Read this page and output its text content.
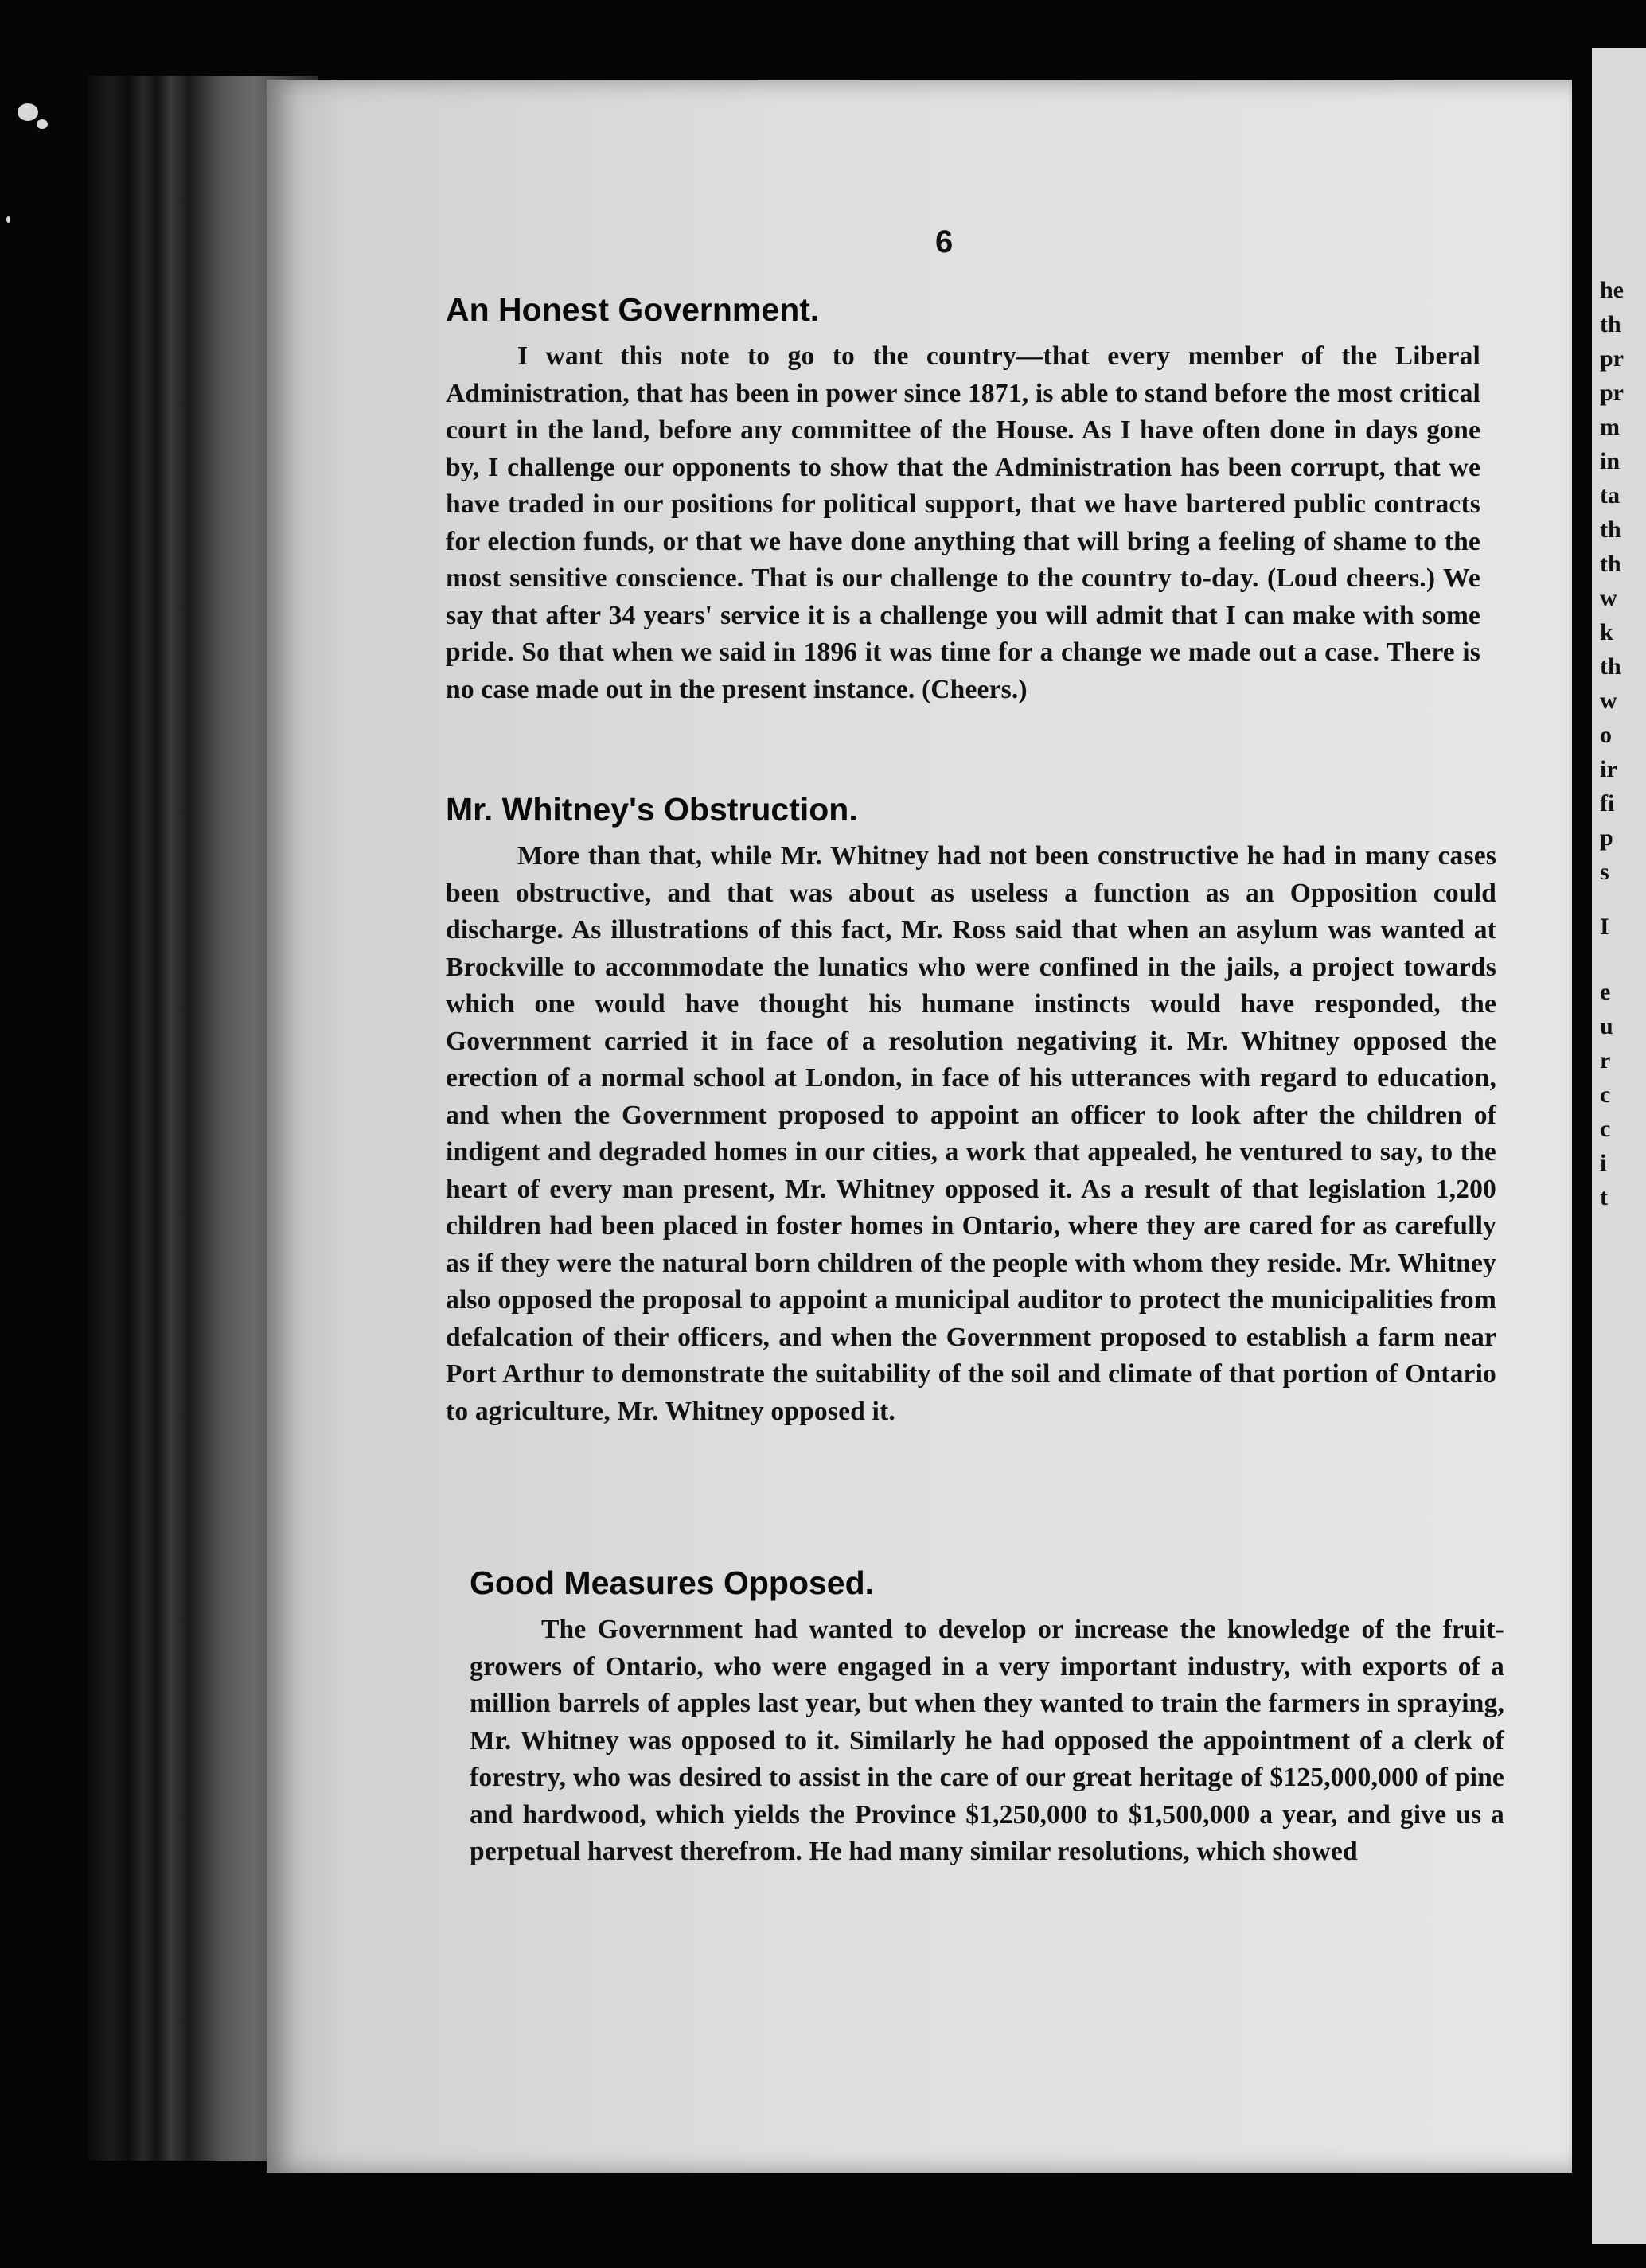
he
th
pr
pr
m
in
ta
th
th
w
k
th
w
o
ir
fi
p
s
I
e
u
r
c
c
i
t
6
An Honest Government.

I want this note to go to the country—that every member of the Liberal Administration, that has been in power since 1871, is able to stand before the most critical court in the land, before any committee of the House. As I have often done in days gone by, I challenge our opponents to show that the Administration has been corrupt, that we have traded in our positions for political support, that we have bartered public contracts for election funds, or that we have done anything that will bring a feeling of shame to the most sensitive conscience. That is our challenge to the country to-day. (Loud cheers.) We say that after 34 years' service it is a challenge you will admit that I can make with some pride. So that when we said in 1896 it was time for a change we made out a case. There is no case made out in the present instance. (Cheers.)

Mr. Whitney's Obstruction.

More than that, while Mr. Whitney had not been constructive he had in many cases been obstructive, and that was about as useless a function as an Opposition could discharge. As illustrations of this fact, Mr. Ross said that when an asylum was wanted at Brockville to accommodate the lunatics who were confined in the jails, a project towards which one would have thought his humane instincts would have responded, the Government carried it in face of a resolution negativing it. Mr. Whitney opposed the erection of a normal school at London, in face of his utterances with regard to education, and when the Government proposed to appoint an officer to look after the children of indigent and degraded homes in our cities, a work that appealed, he ventured to say, to the heart of every man present, Mr. Whitney opposed it. As a result of that legislation 1,200 children had been placed in foster homes in Ontario, where they are cared for as carefully as if they were the natural born children of the people with whom they reside. Mr. Whitney also opposed the proposal to appoint a municipal auditor to protect the municipalities from defalcation of their officers, and when the Government proposed to establish a farm near Port Arthur to demonstrate the suitability of the soil and climate of that portion of Ontario to agriculture, Mr. Whitney opposed it.

Good Measures Opposed.

The Government had wanted to develop or increase the knowledge of the fruit-growers of Ontario, who were engaged in a very important industry, with exports of a million barrels of apples last year, but when they wanted to train the farmers in spraying, Mr. Whitney was opposed to it. Similarly he had opposed the appointment of a clerk of forestry, who was desired to assist in the care of our great heritage of $125,000,000 of pine and hardwood, which yields the Province $1,250,000 to $1,500,000 a year, and give us a perpetual harvest therefrom. He had many similar resolutions, which showed
